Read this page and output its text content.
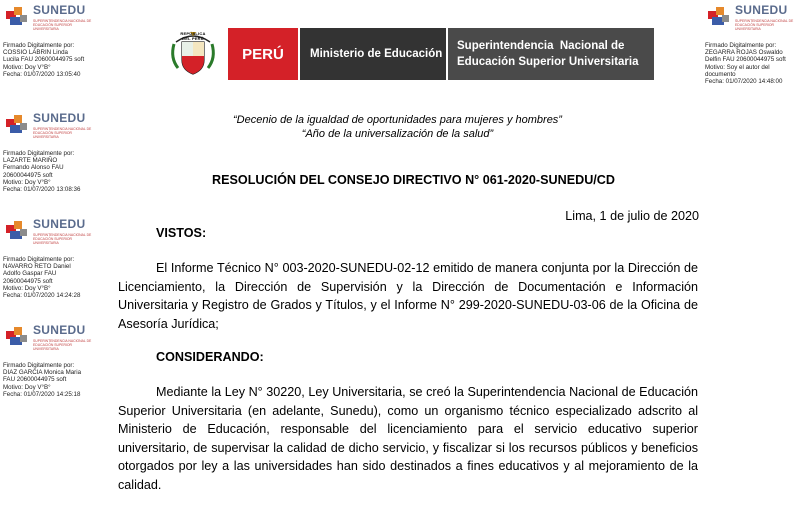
SUNEDU
SUPERINTENDENCIA NACIONAL DE EDUCACIÓN SUPERIOR UNIVERSITARIA
Firmado Digitalmente por:
COSSIO LABRIN Linda
Lucila FAU 20600044975 soft
Motivo: Doy V°B°
Fecha: 01/07/2020 13:05:40
SUNEDU
SUPERINTENDENCIA NACIONAL DE EDUCACIÓN SUPERIOR UNIVERSITARIA
Firmado Digitalmente por:
LAZARTE MARIÑO
Fernando Alonso FAU
20600044975 soft
Motivo: Doy V°B°
Fecha: 01/07/2020 13:08:36
SUNEDU
SUPERINTENDENCIA NACIONAL DE EDUCACIÓN SUPERIOR UNIVERSITARIA
Firmado Digitalmente por:
NAVARRO RETO Daniel
Adolfo Gaspar FAU
20600044975 soft
Motivo: Doy V°B°
Fecha: 01/07/2020 14:24:28
SUNEDU
SUPERINTENDENCIA NACIONAL DE EDUCACIÓN SUPERIOR UNIVERSITARIA
Firmado Digitalmente por:
DIAZ GARCIA Monica Maria
FAU 20600044975 soft
Motivo: Doy V°B°
Fecha: 01/07/2020 14:25:18
SUNEDU
SUPERINTENDENCIA NACIONAL DE EDUCACIÓN SUPERIOR UNIVERSITARIA
Firmado Digitalmente por:
ZEGARRA ROJAS Oswaldo
Delfin FAU 20600044975 soft
Motivo: Soy el autor del
documento
Fecha: 01/07/2020 14:48:00
REPÚBLICA DEL PERÚ
PERÚ	Ministerio de Educación
Superintendencia  Nacional de
Educación Superior Universitaria
“Decenio de la igualdad de oportunidades para mujeres y hombres”
“Año de la universalización de la salud”
RESOLUCIÓN DEL CONSEJO DIRECTIVO N° 061-2020-SUNEDU/CD
Lima, 1 de julio de 2020
VISTOS:
El Informe Técnico N° 003-2020-SUNEDU-02-12 emitido de manera conjunta por la Dirección de Licenciamiento, la Dirección de Supervisión y la Dirección de Documentación e Información Universitaria y Registro de Grados y Títulos, y el Informe N° 299-2020-SUNEDU-03-06 de la Oficina de Asesoría Jurídica;
CONSIDERANDO:
Mediante la Ley N° 30220, Ley Universitaria, se creó la Superintendencia Nacional de Educación Superior Universitaria (en adelante, Sunedu), como un organismo técnico especializado adscrito al Ministerio de Educación, responsable del licenciamiento para el servicio educativo superior universitario, de supervisar la calidad de dicho servicio, y fiscalizar si los recursos públicos y beneficios otorgados por ley a las universidades han sido destinados a fines educativos y al mejoramiento de la calidad.
